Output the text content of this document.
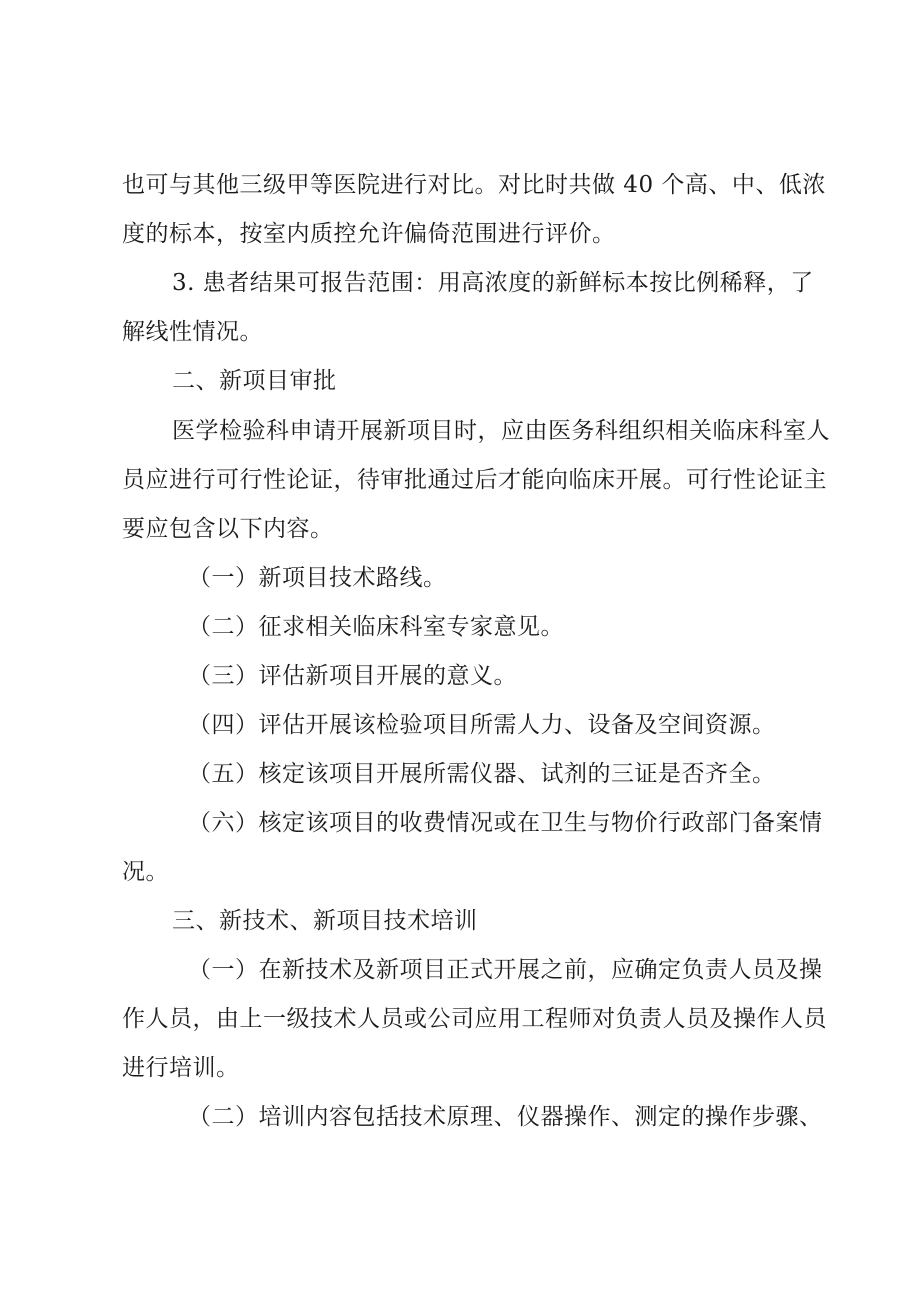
也可与其他三级甲等医院进行对比。对比时共做 40 个高、中、低浓
度的标本，按室内质控允许偏倚范围进行评价。
3. 患者结果可报告范围：用高浓度的新鲜标本按比例稀释，了
解线性情况。
二、新项目审批
医学检验科申请开展新项目时，应由医务科组织相关临床科室人
员应进行可行性论证，待审批通过后才能向临床开展。可行性论证主
要应包含以下内容。
（一）新项目技术路线。
（二）征求相关临床科室专家意见。
（三）评估新项目开展的意义。
（四）评估开展该检验项目所需人力、设备及空间资源。
（五）核定该项目开展所需仪器、试剂的三证是否齐全。
（六）核定该项目的收费情况或在卫生与物价行政部门备案情
况。
三、新技术、新项目技术培训
（一）在新技术及新项目正式开展之前，应确定负责人员及操
作人员，由上一级技术人员或公司应用工程师对负责人员及操作人员
进行培训。
（二）培训内容包括技术原理、仪器操作、测定的操作步骤、
